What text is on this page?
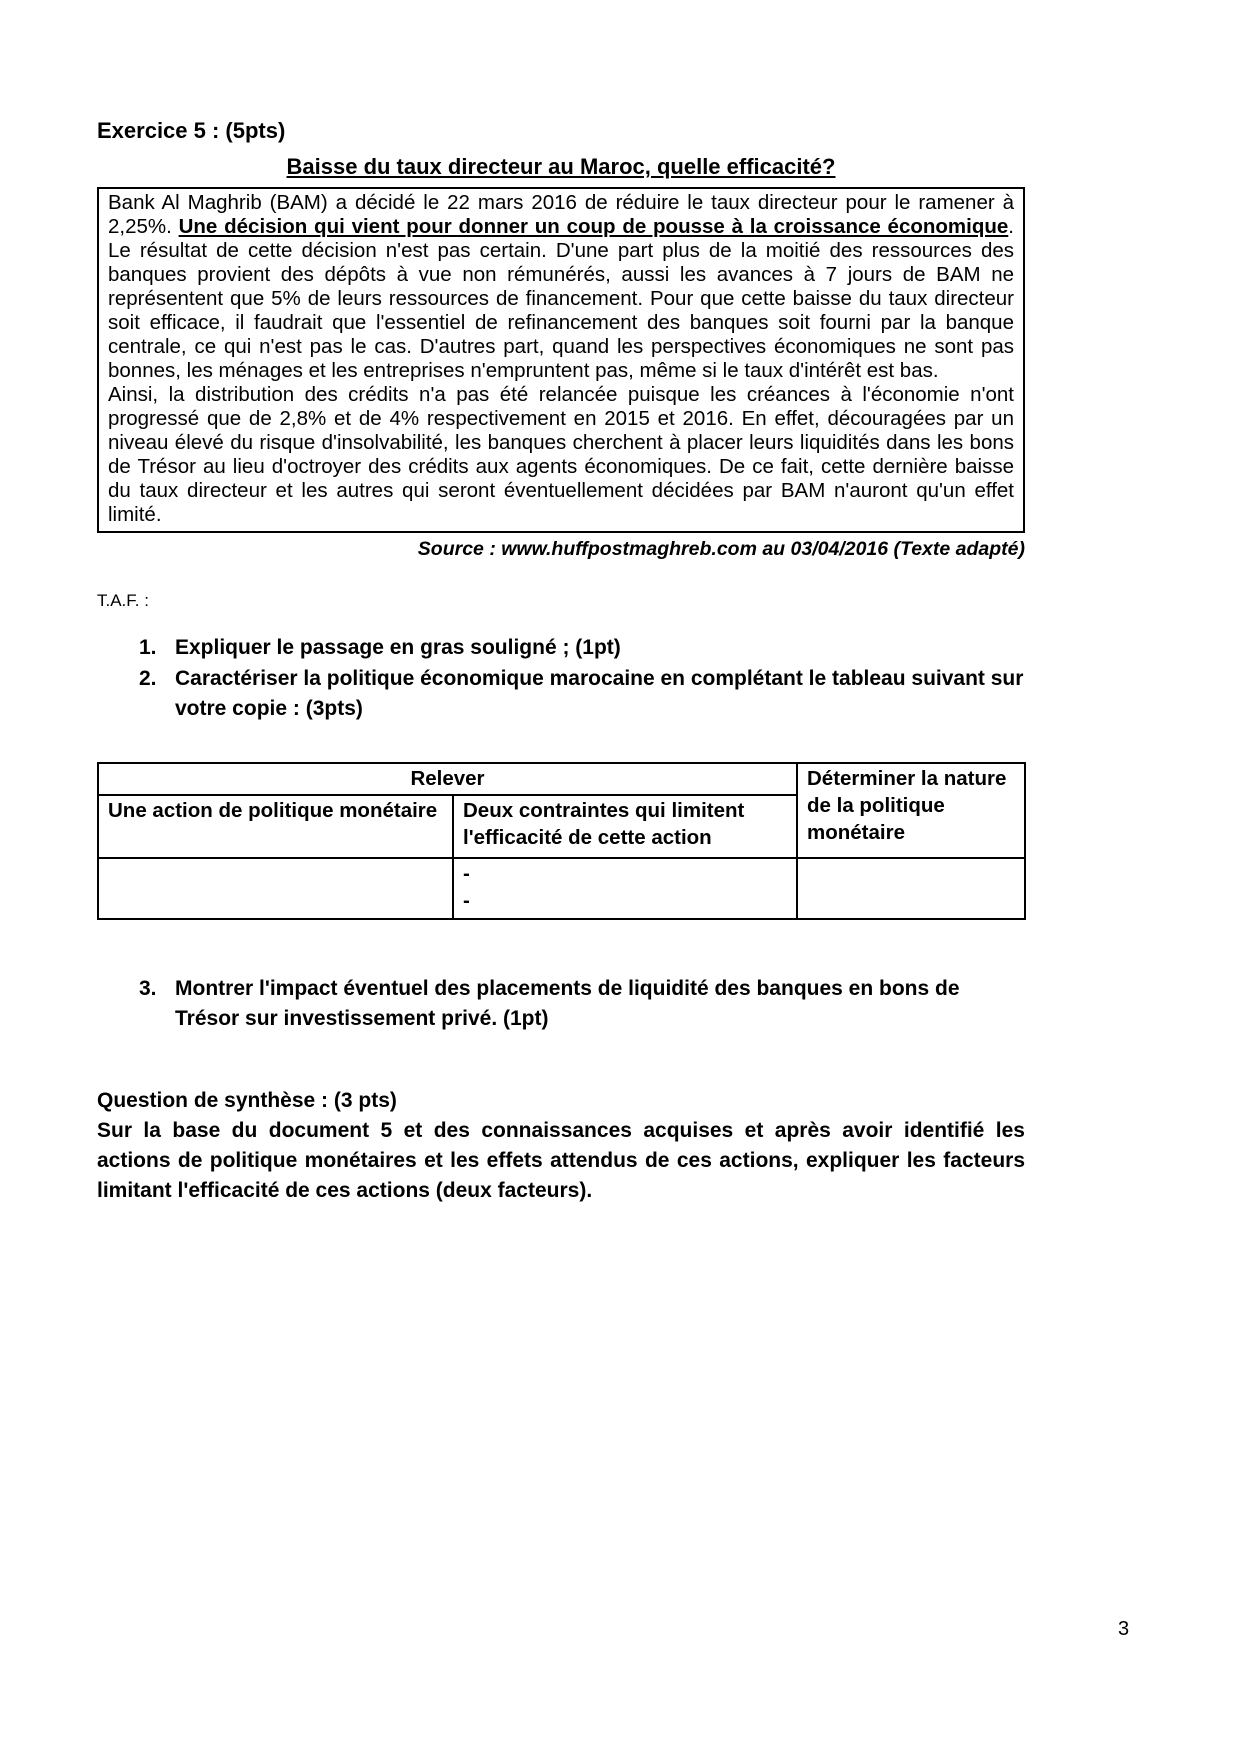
Exercice 5 : (5pts)
Baisse du taux directeur au Maroc, quelle efficacité?

Bank Al Maghrib (BAM) a décidé le 22 mars 2016 de réduire le taux directeur pour le ramener à 2,25%. Une décision qui vient pour donner un coup de pousse à la croissance économique. Le résultat de cette décision n'est pas certain. D'une part plus de la moitié des ressources des banques provient des dépôts à vue non rémunérés, aussi les avances à 7 jours de BAM ne représentent que 5% de leurs ressources de financement. Pour que cette baisse du taux directeur soit efficace, il faudrait que l'essentiel de refinancement des banques soit fourni par la banque centrale, ce qui n'est pas le cas. D'autres part, quand les perspectives économiques ne sont pas bonnes, les ménages et les entreprises n'empruntent pas, même si le taux d'intérêt est bas.

Ainsi, la distribution des crédits n'a pas été relancée puisque les créances à l'économie n'ont progressé que de 2,8% et de 4% respectivement en 2015 et 2016. En effet, découragées par un niveau élevé du risque d'insolvabilité, les banques cherchent à placer leurs liquidités dans les bons de Trésor au lieu d'octroyer des crédits aux agents économiques. De ce fait, cette dernière baisse du taux directeur et les autres qui seront éventuellement décidées par BAM n'auront qu'un effet limité.

Source : www.huffpostmaghreb.com au 03/04/2016 (Texte adapté)
T.A.F. :
1. Expliquer le passage en gras souligné ; (1pt)
2. Caractériser la politique économique marocaine en complétant le tableau suivant sur votre copie : (3pts)
Relever		Déterminer la nature de la politique monétaire
Une action de politique monétaire	Deux contraintes qui limitent l'efficacité de cette action	

	-
-	

3. Montrer l'impact éventuel des placements de liquidité des banques en bons de Trésor sur investissement privé. (1pt)
Question de synthèse : (3 pts)

Sur la base du document 5 et des connaissances acquises et après avoir identifié les actions de politique monétaires et les effets attendus de ces actions, expliquer les facteurs limitant l'efficacité de ces actions (deux facteurs).

3
